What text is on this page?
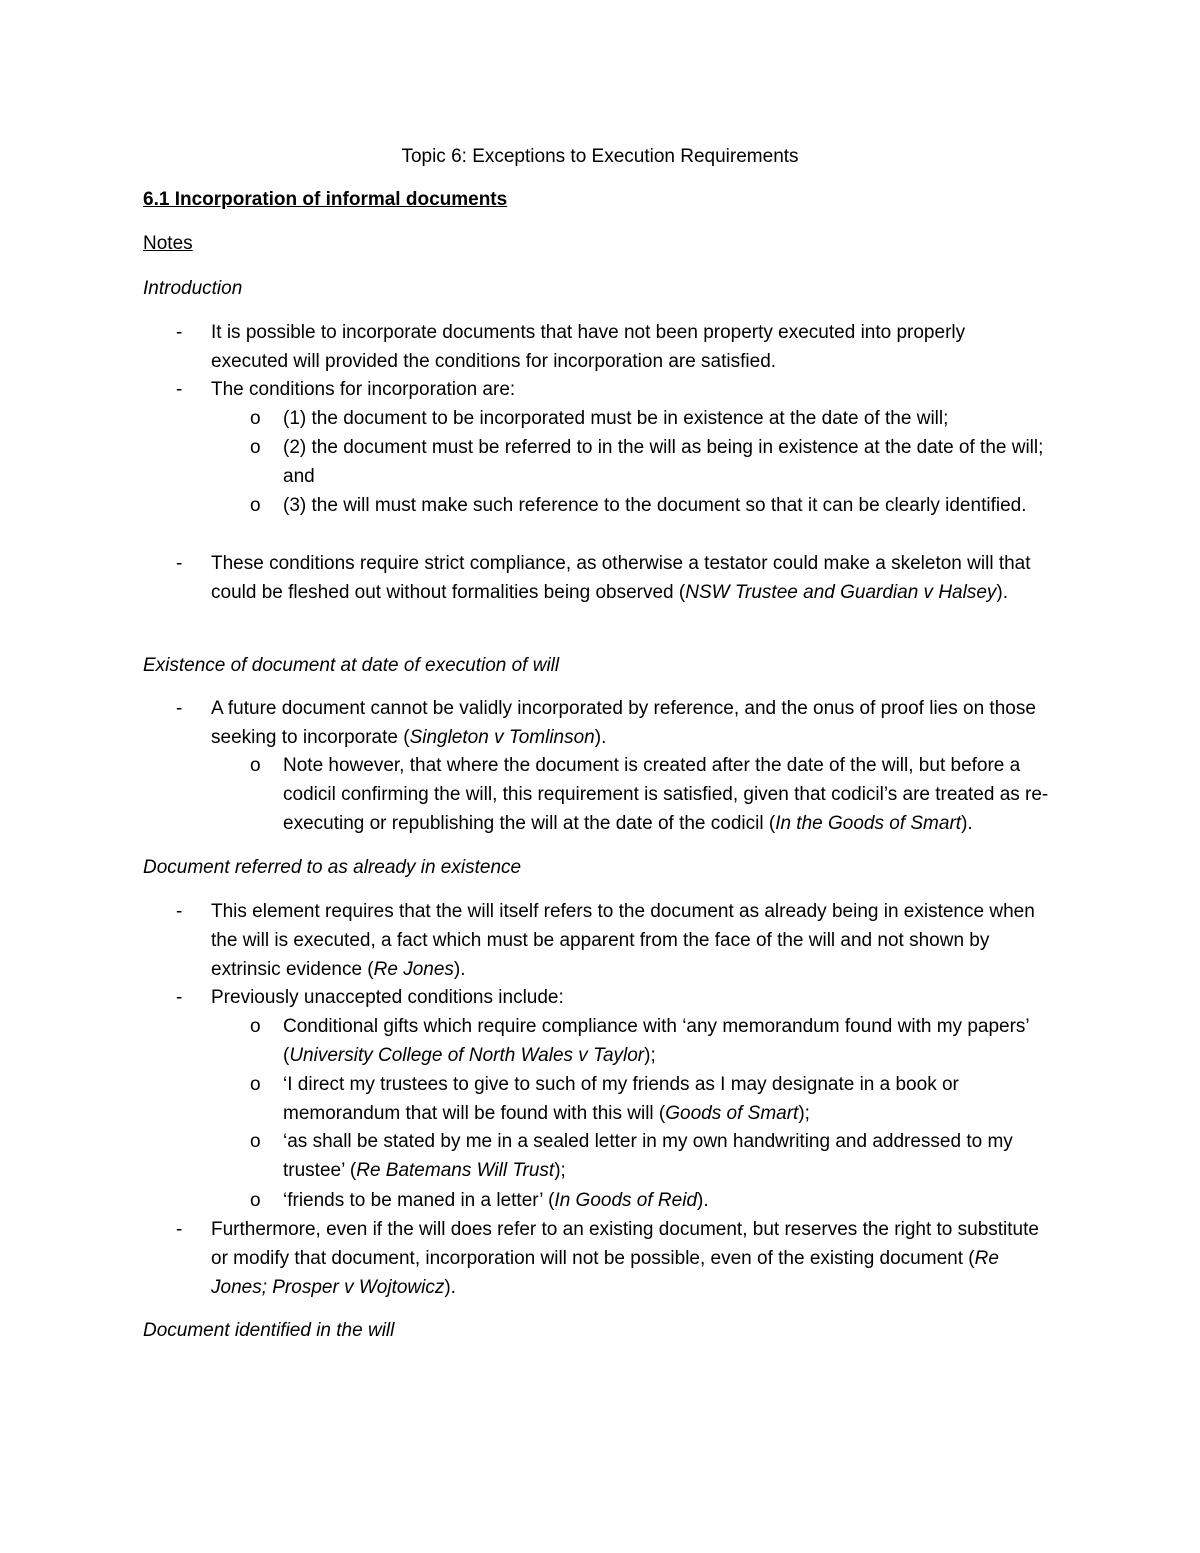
Topic 6: Exceptions to Execution Requirements
6.1 Incorporation of informal documents
Notes
Introduction
-	It is possible to incorporate documents that have not been property executed into properly executed will provided the conditions for incorporation are satisfied.
-	The conditions for incorporation are:
o	(1) the document to be incorporated must be in existence at the date of the will;
o	(2) the document must be referred to in the will as being in existence at the date of the will; and
o	(3) the will must make such reference to the document so that it can be clearly identified.
-	These conditions require strict compliance, as otherwise a testator could make a skeleton will that could be fleshed out without formalities being observed (NSW Trustee and Guardian v Halsey).
Existence of document at date of execution of will
-	A future document cannot be validly incorporated by reference, and the onus of proof lies on those seeking to incorporate (Singleton v Tomlinson).
o	Note however, that where the document is created after the date of the will, but before a codicil confirming the will, this requirement is satisfied, given that codicil’s are treated as re-executing or republishing the will at the date of the codicil (In the Goods of Smart).
Document referred to as already in existence
-	This element requires that the will itself refers to the document as already being in existence when the will is executed, a fact which must be apparent from the face of the will and not shown by extrinsic evidence (Re Jones).
-	Previously unaccepted conditions include:
o	Conditional gifts which require compliance with ‘any memorandum found with my papers’ (University College of North Wales v Taylor);
o	‘I direct my trustees to give to such of my friends as I may designate in a book or memorandum that will be found with this will (Goods of Smart);
o	‘as shall be stated by me in a sealed letter in my own handwriting and addressed to my trustee’ (Re Batemans Will Trust);
o	‘friends to be maned in a letter’ (In Goods of Reid).
-	Furthermore, even if the will does refer to an existing document, but reserves the right to substitute or modify that document, incorporation will not be possible, even of the existing document (Re Jones; Prosper v Wojtowicz).
Document identified in the will
